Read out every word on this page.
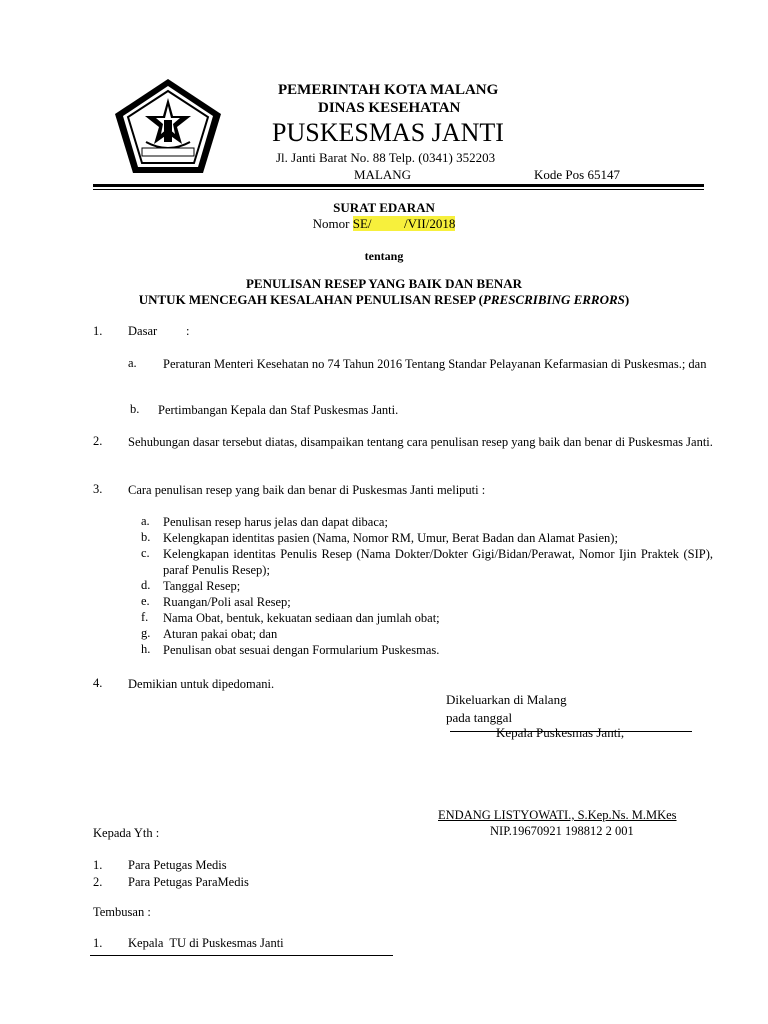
PEMERINTAH KOTA MALANG
DINAS KESEHATAN
PUSKESMAS JANTI
Jl. Janti Barat No. 88 Telp. (0341) 352203
MALANG	Kode Pos 65147
SURAT EDARAN
Nomor SE/          /VII/2018
tentang
PENULISAN RESEP YANG BAIK DAN BENAR
UNTUK MENCEGAH KESALAHAN PENULISAN RESEP (PRESCRIBING ERRORS)
1. Dasar :
a. Peraturan Menteri Kesehatan no 74 Tahun 2016 Tentang Standar Pelayanan Kefarmasian di Puskesmas.; dan
b. Pertimbangan Kepala dan Staf Puskesmas Janti.
2. Sehubungan dasar tersebut diatas, disampaikan tentang cara penulisan resep yang baik dan benar di Puskesmas Janti.
3. Cara penulisan resep yang baik dan benar di Puskesmas Janti meliputi :
a. Penulisan resep harus jelas dan dapat dibaca;
b. Kelengkapan identitas pasien (Nama, Nomor RM, Umur, Berat Badan dan Alamat Pasien);
c. Kelengkapan identitas Penulis Resep (Nama Dokter/Dokter Gigi/Bidan/Perawat, Nomor Ijin Praktek (SIP), paraf Penulis Resep);
d. Tanggal Resep;
e. Ruangan/Poli asal Resep;
f. Nama Obat, bentuk, kekuatan sediaan dan jumlah obat;
g. Aturan pakai obat; dan
h. Penulisan obat sesuai dengan Formularium Puskesmas.
4. Demikian untuk dipedomani.
Dikeluarkan di Malang
pada tanggal
Kepala Puskesmas Janti,
ENDANG LISTYOWATI., S.Kep.Ns. M.MKes
NIP.19670921 198812 2 001
Kepada Yth :
1. Para Petugas Medis
2. Para Petugas ParaMedis
Tembusan :
1. Kepala  TU di Puskesmas Janti
